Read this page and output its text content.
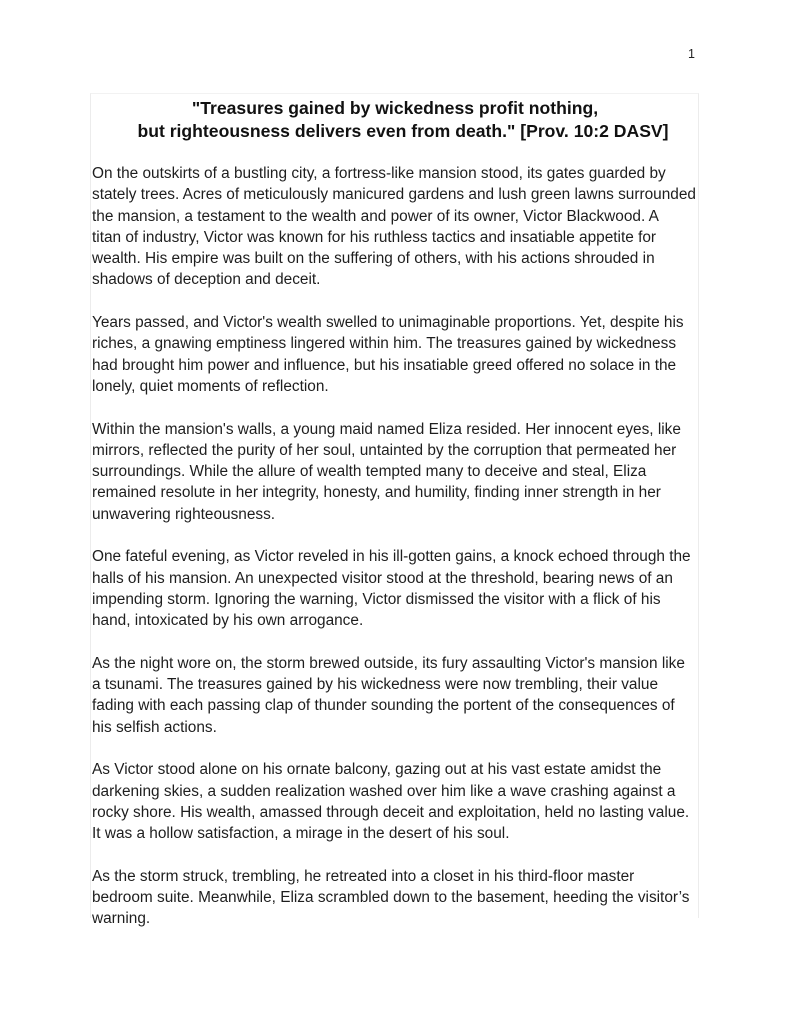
1
"Treasures gained by wickedness profit nothing,
but righteousness delivers even from death." [Prov. 10:2 DASV]

On the outskirts of a bustling city, a fortress-like mansion stood, its gates guarded by
stately trees. Acres of meticulously manicured gardens and lush green lawns surrounded
the mansion, a testament to the wealth and power of its owner, Victor Blackwood. A
titan of industry, Victor was known for his ruthless tactics and insatiable appetite for
wealth. His empire was built on the suffering of others, with his actions shrouded in
shadows of deception and deceit.

Years passed, and Victor's wealth swelled to unimaginable proportions. Yet, despite his
riches, a gnawing emptiness lingered within him. The treasures gained by wickedness
had brought him power and influence, but his insatiable greed offered no solace in the
lonely, quiet moments of reflection.

Within the mansion's walls, a young maid named Eliza resided. Her innocent eyes, like
mirrors, reflected the purity of her soul, untainted by the corruption that permeated her
surroundings. While the allure of wealth tempted many to deceive and steal, Eliza
remained resolute in her integrity, honesty, and humility, finding inner strength in her
unwavering righteousness.

One fateful evening, as Victor reveled in his ill-gotten gains, a knock echoed through the
halls of his mansion. An unexpected visitor stood at the threshold, bearing news of an
impending storm. Ignoring the warning, Victor dismissed the visitor with a flick of his
hand, intoxicated by his own arrogance.

As the night wore on, the storm brewed outside, its fury assaulting Victor's mansion like
a tsunami. The treasures gained by his wickedness were now trembling, their value
fading with each passing clap of thunder sounding the portent of the consequences of
his selfish actions.

As Victor stood alone on his ornate balcony, gazing out at his vast estate amidst the
darkening skies, a sudden realization washed over him like a wave crashing against a
rocky shore. His wealth, amassed through deceit and exploitation, held no lasting value.
It was a hollow satisfaction, a mirage in the desert of his soul.

As the storm struck, trembling, he retreated into a closet in his third-floor master
bedroom suite. Meanwhile, Eliza scrambled down to the basement, heeding the visitor’s
warning.
